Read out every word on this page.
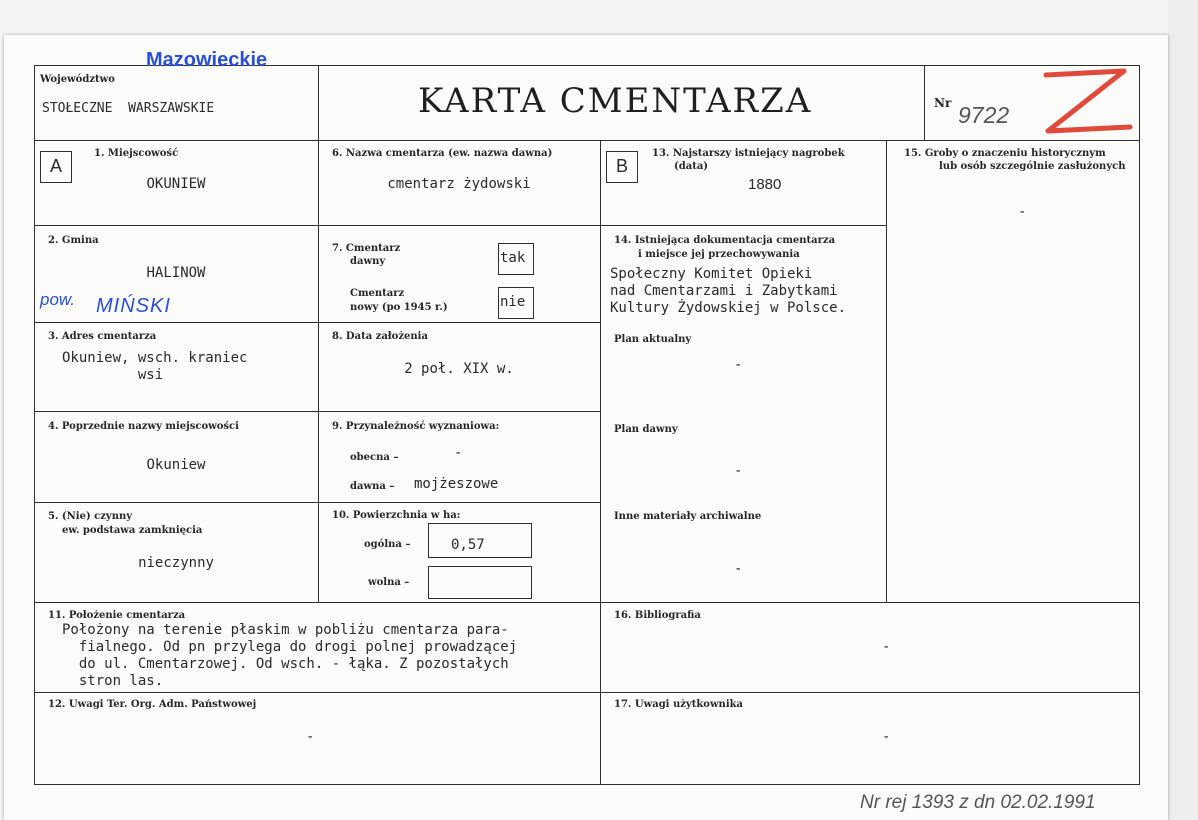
Województwo
Mazowieckie
STOŁECZNE  WARSZAWSKIE	KARTA CMENTARZA	Nr 9722
A
1. Miejscowość
OKUNIEW
2. Gmina
HALINOW
pow. MIŃSKI
3. Adres cmentarza
Okuniew, wsch. kraniec
wsi
4. Poprzednie nazwy miejscowości
Okuniew
5. (Nie) czynny
ew. podstawa zamknięcia
nieczynny
6. Nazwa cmentarza (ew. nazwa dawna)
cmentarz żydowski
7. Cmentarz
dawny	tak
Cmentarz
nowy (po 1945 r.)	nie
8. Data założenia
2 poł. XIX w.
9. Przynależność wyznaniowa:
obecna –	-
dawna – mojżeszowe
10. Powierzchnia w ha:
ogólna –	0,57
wolna –
B
13. Najstarszy istniejący nagrobek
(data)
1880
14. Istniejąca dokumentacja cmentarza
i miejsce jej przechowywania
Społeczny Komitet Opieki
nad Cmentarzami i Zabytkami
Kultury Żydowskiej w Polsce.
Plan aktualny
-
Plan dawny
-
Inne materiały archiwalne
-
15. Groby o znaczeniu historycznym
lub osób szczególnie zasłużonych
-
11. Położenie cmentarza
Położony na terenie płaskim w pobliżu cmentarza para-
fialnego. Od pn przylega do drogi polnej prowadzącej
do ul. Cmentarzowej. Od wsch. - łąka. Z pozostałych
stron las.
16. Bibliografia
-
12. Uwagi Ter. Org. Adm. Państwowej
-
17. Uwagi użytkownika
-
Nr rej 1393 z dn 02.02.1991
